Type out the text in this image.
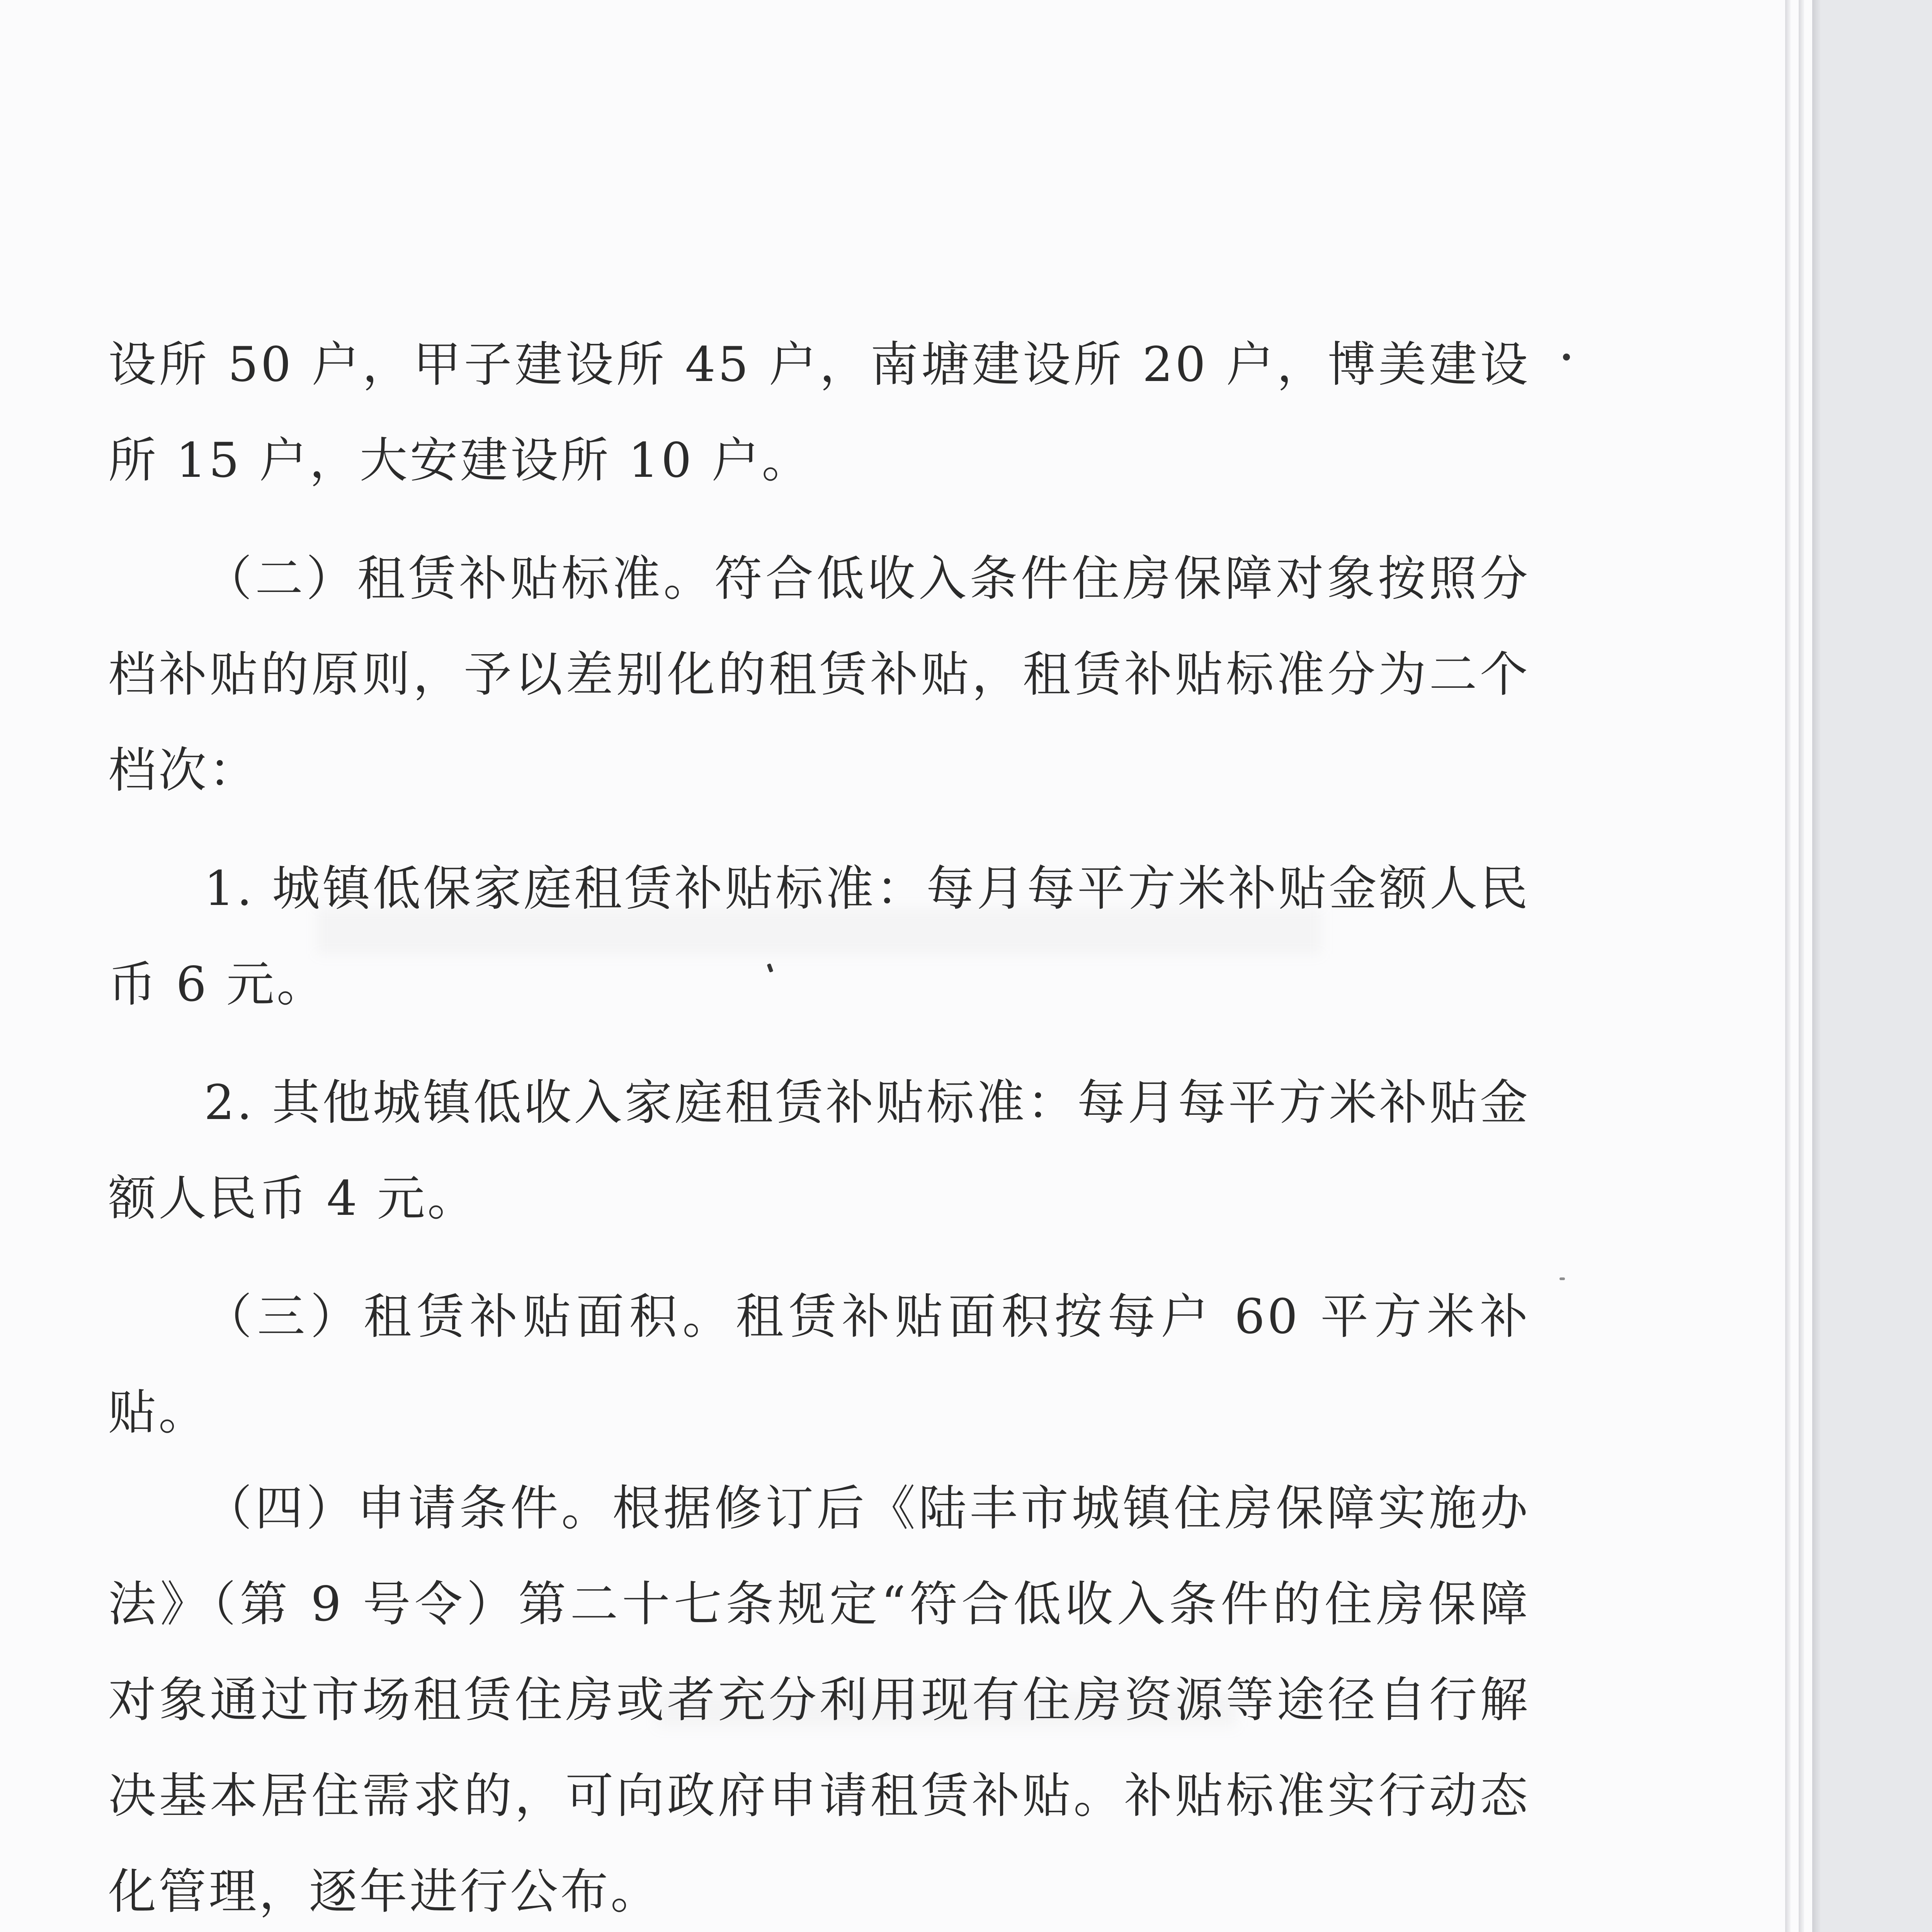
设所 50 户，甲子建设所 45 户，南塘建设所 20 户，博美建设所 15 户，大安建设所 10 户。

（二）租赁补贴标准。符合低收入条件住房保障对象按照分档补贴的原则，予以差别化的租赁补贴，租赁补贴标准分为二个档次：

1. 城镇低保家庭租赁补贴标准：每月每平方米补贴金额人民币 6 元。

2. 其他城镇低收入家庭租赁补贴标准：每月每平方米补贴金额人民币 4 元。

（三）租赁补贴面积。租赁补贴面积按每户 60 平方米补贴。

（四）申请条件。根据修订后《陆丰市城镇住房保障实施办法》（第 9 号令）第二十七条规定“符合低收入条件的住房保障对象通过市场租赁住房或者充分利用现有住房资源等途径自行解决基本居住需求的，可向政府申请租赁补贴。补贴标准实行动态化管理，逐年进行公布。
